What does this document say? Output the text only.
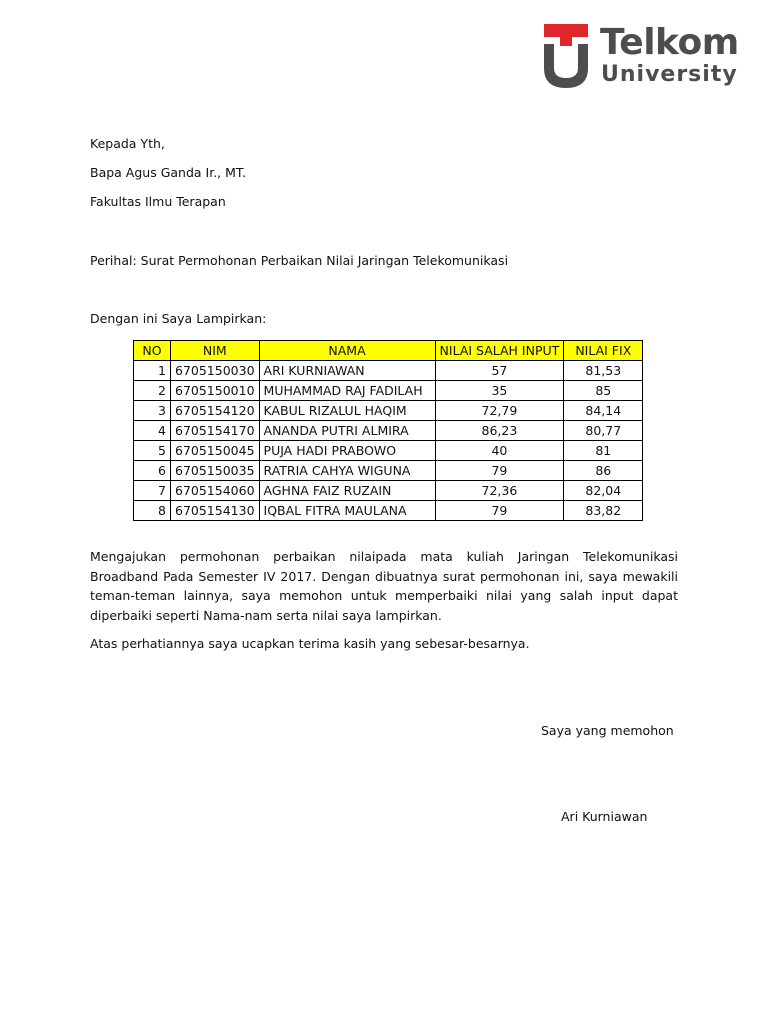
Telkom
University
Kepada Yth,
Bapa Agus Ganda Ir., MT.
Fakultas Ilmu Terapan
Perihal: Surat Permohonan Perbaikan Nilai Jaringan Telekomunikasi
Dengan ini Saya Lampirkan:
NO	NIM	NAMA	NILAI SALAH INPUT	NILAI FIX
1	6705150030	ARI KURNIAWAN	57	81,53
2	6705150010	MUHAMMAD RAJ FADILAH	35	85
3	6705154120	KABUL RIZALUL HAQIM	72,79	84,14
4	6705154170	ANANDA PUTRI ALMIRA	86,23	80,77
5	6705150045	PUJA HADI PRABOWO	40	81
6	6705150035	RATRIA CAHYA WIGUNA	79	86
7	6705154060	AGHNA FAIZ RUZAIN	72,36	82,04
8	6705154130	IQBAL FITRA MAULANA	79	83,82
Mengajukan permohonan perbaikan nilaipada mata kuliah Jaringan Telekomunikasi Broadband Pada Semester IV 2017. Dengan dibuatnya surat permohonan ini, saya mewakili teman-teman lainnya, saya memohon untuk memperbaiki nilai yang salah input dapat diperbaiki seperti Nama-nam serta nilai saya lampirkan.
Atas perhatiannya saya ucapkan terima kasih yang sebesar-besarnya.
Saya yang memohon
Ari Kurniawan
